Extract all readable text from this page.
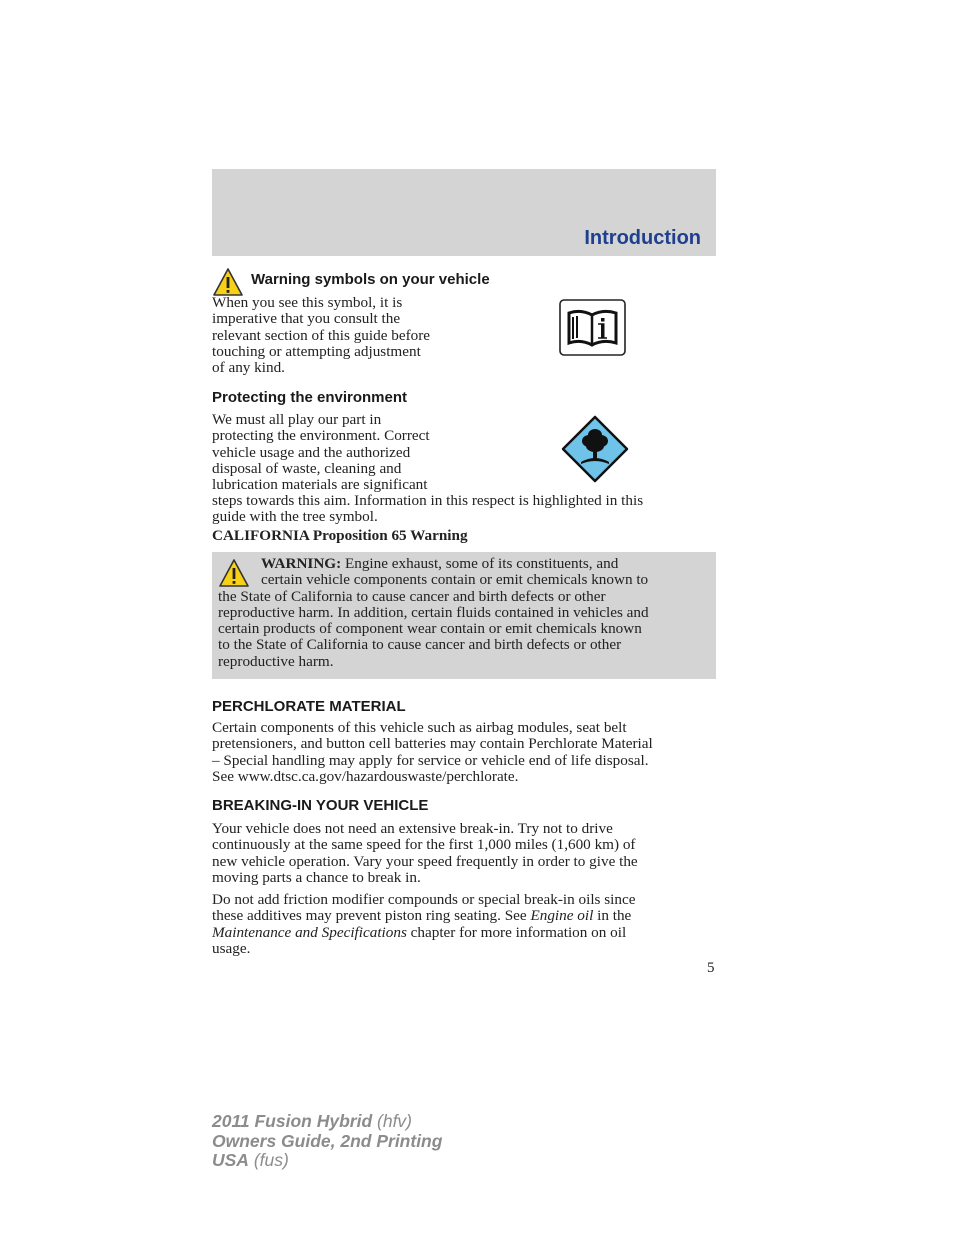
Introduction
Warning symbols on your vehicle

When you see this symbol, it is

imperative that you consult the

relevant section of this guide before

touching or attempting adjustment

of any kind.

Protecting the environment

We must all play our part in

protecting the environment. Correct

vehicle usage and the authorized

disposal of waste, cleaning and

lubrication materials are significant

steps towards this aim. Information in this respect is highlighted in this

guide with the tree symbol.

CALIFORNIA Proposition 65 Warning

WARNING: Engine exhaust, some of its constituents, and

certain vehicle components contain or emit chemicals known to

the State of California to cause cancer and birth defects or other

reproductive harm. In addition, certain fluids contained in vehicles and

certain products of component wear contain or emit chemicals known

to the State of California to cause cancer and birth defects or other

reproductive harm.

PERCHLORATE MATERIAL

Certain components of this vehicle such as airbag modules, seat belt

pretensioners, and button cell batteries may contain Perchlorate Material

– Special handling may apply for service or vehicle end of life disposal.

See www.dtsc.ca.gov/hazardouswaste/perchlorate.

BREAKING-IN YOUR VEHICLE

Your vehicle does not need an extensive break-in. Try not to drive

continuously at the same speed for the first 1,000 miles (1,600 km) of

new vehicle operation. Vary your speed frequently in order to give the

moving parts a chance to break in.

Do not add friction modifier compounds or special break-in oils since

these additives may prevent piston ring seating. See Engine oil in the

Maintenance and Specifications chapter for more information on oil

usage.

5
2011 Fusion Hybrid (hfv)
Owners Guide, 2nd Printing
USA (fus)
